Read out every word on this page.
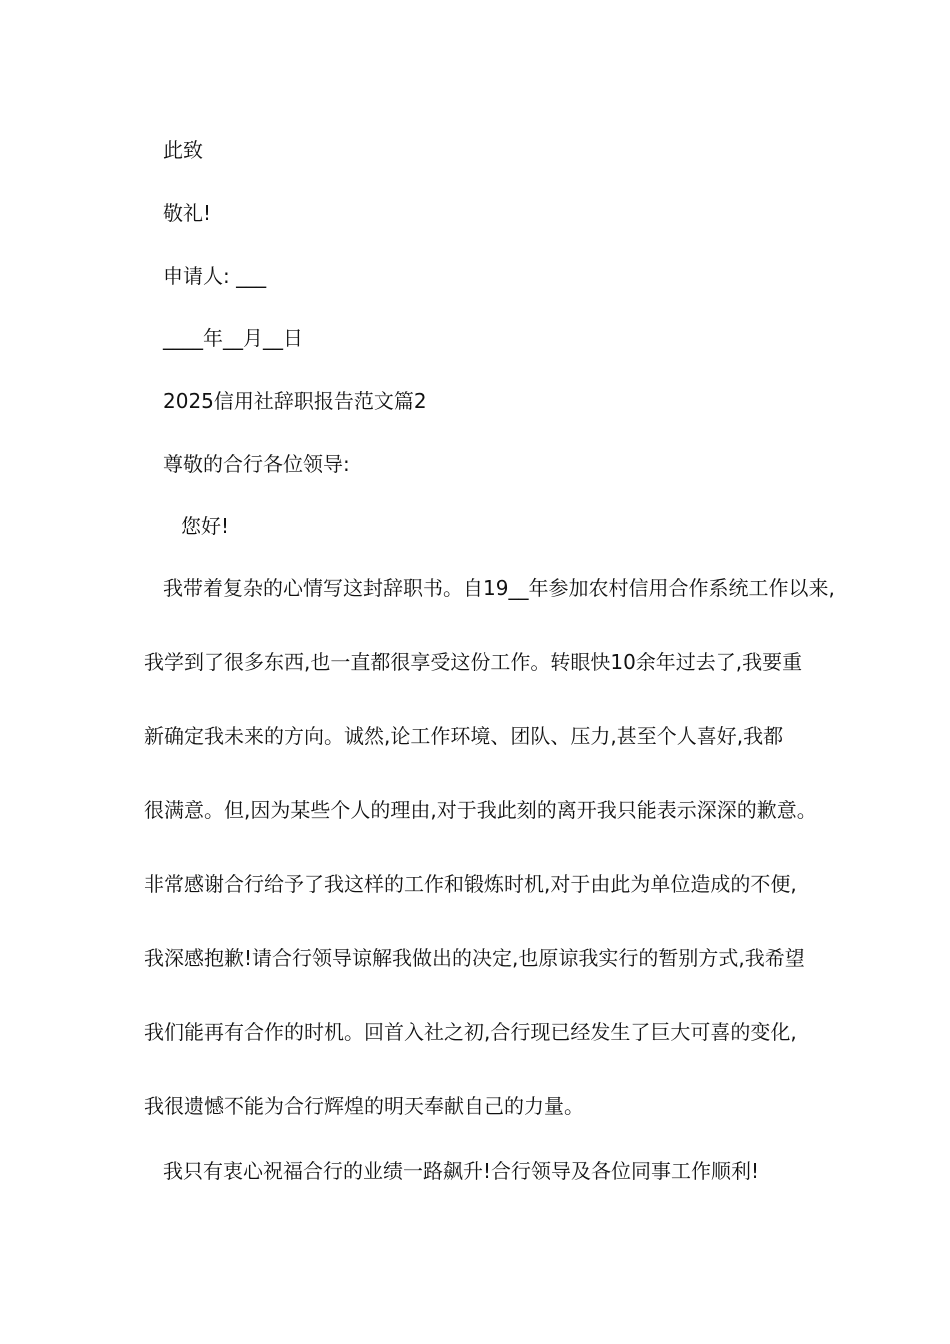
此致
敬礼!
申请人: ___
____年__月__日
2025信用社辞职报告范文篇2
尊敬的合行各位领导:
您好!
我带着复杂的心情写这封辞职书。自19__年参加农村信用合作系统工作以来,
我学到了很多东西,也一直都很享受这份工作。转眼快10余年过去了,我要重
新确定我未来的方向。诚然,论工作环境、团队、压力,甚至个人喜好,我都
很满意。但,因为某些个人的理由,对于我此刻的离开我只能表示深深的歉意。
非常感谢合行给予了我这样的工作和锻炼时机,对于由此为单位造成的不便,
我深感抱歉!请合行领导谅解我做出的决定,也原谅我实行的暂别方式,我希望
我们能再有合作的时机。回首入社之初,合行现已经发生了巨大可喜的变化,
我很遗憾不能为合行辉煌的明天奉献自己的力量。
我只有衷心祝福合行的业绩一路飙升!合行领导及各位同事工作顺利!
